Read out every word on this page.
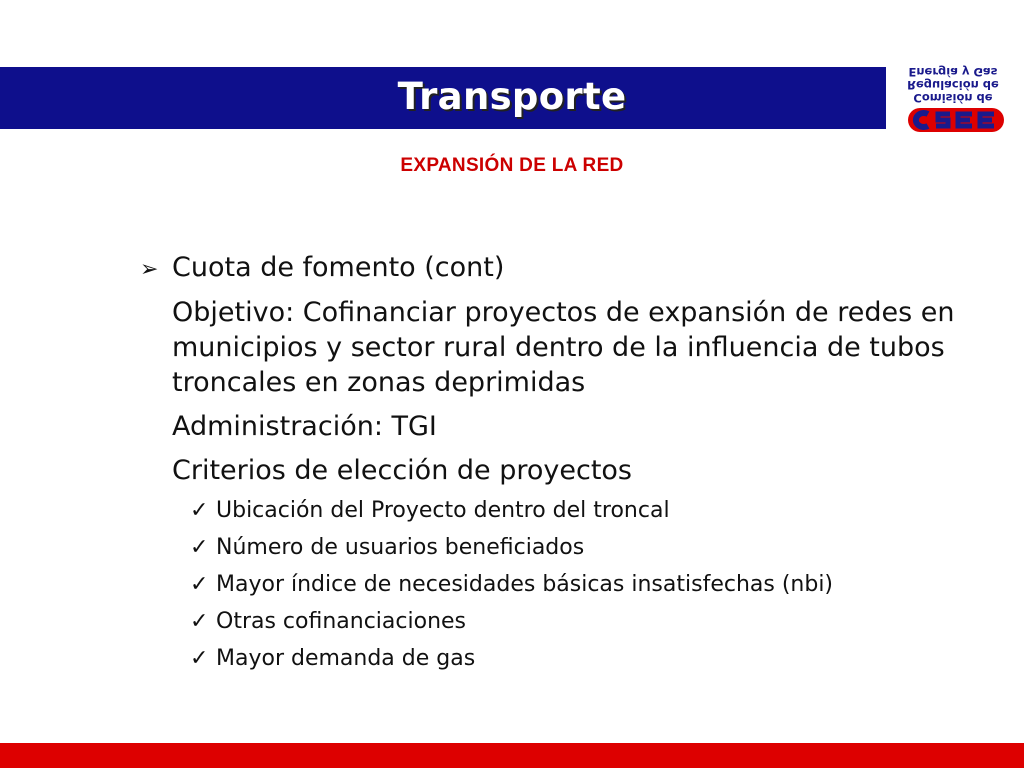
Transporte	Comisión de Regulación de Energía y Gas
EXPANSIÓN DE LA RED
➢ Cuota de fomento (cont)
Objetivo: Cofinanciar proyectos de expansión de redes en municipios y sector rural dentro de la influencia de tubos troncales en zonas deprimidas
Administración: TGI
Criterios de elección de proyectos
✓ Ubicación del Proyecto dentro del troncal
✓ Número de usuarios beneficiados
✓ Mayor índice de necesidades básicas insatisfechas (nbi)
✓ Otras cofinanciaciones
✓ Mayor demanda de gas
